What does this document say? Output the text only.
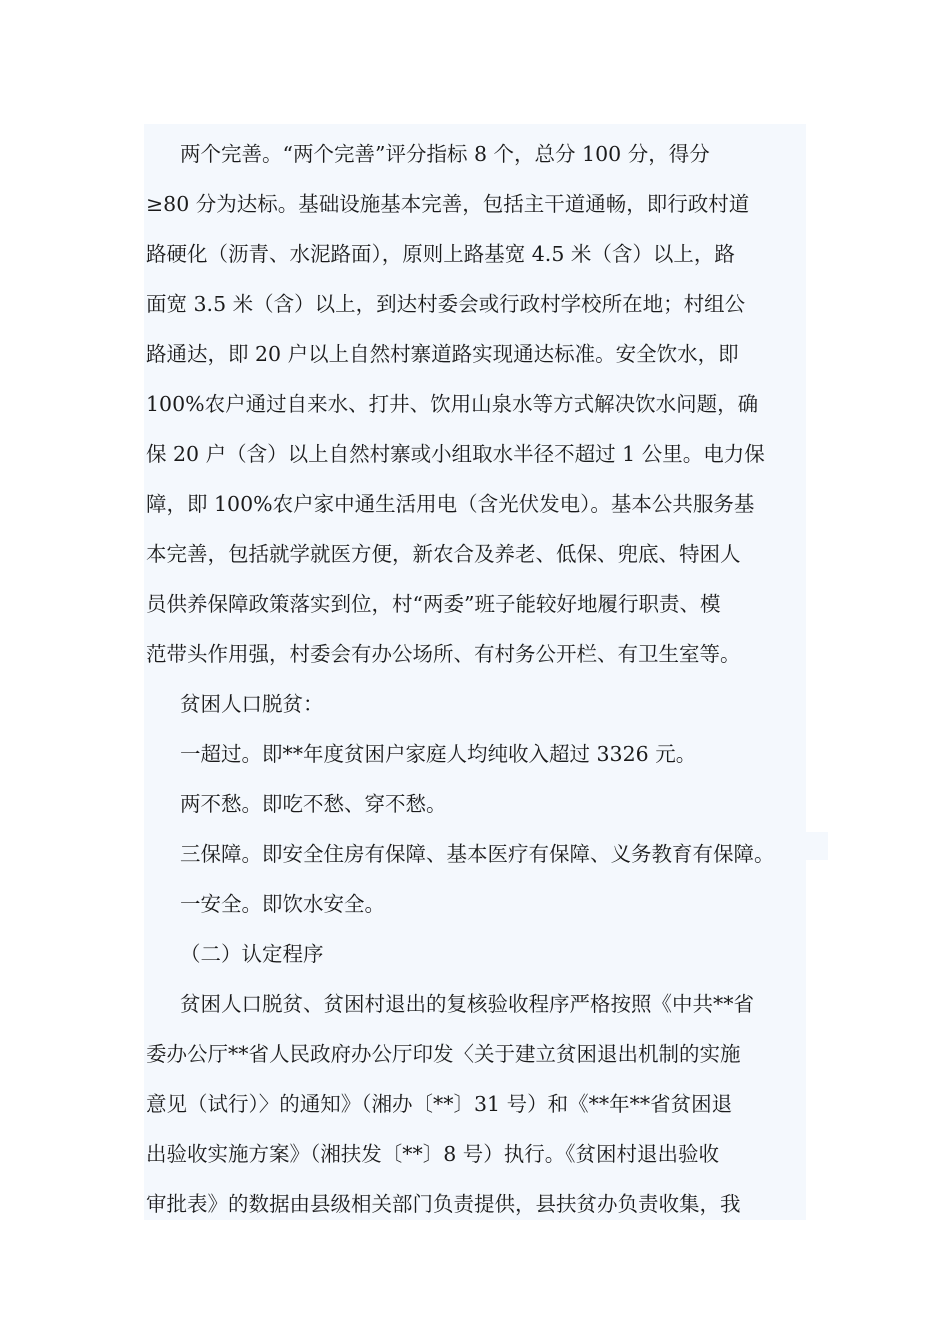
两个完善。“两个完善”评分指标 8 个，总分 100 分，得分
≥80 分为达标。基础设施基本完善，包括主干道通畅，即行政村道
路硬化（沥青、水泥路面），原则上路基宽 4.5 米（含）以上，路
面宽 3.5 米（含）以上，到达村委会或行政村学校所在地；村组公
路通达，即 20 户以上自然村寨道路实现通达标准。安全饮水，即
100%农户通过自来水、打井、饮用山泉水等方式解决饮水问题，确
保 20 户（含）以上自然村寨或小组取水半径不超过 1 公里。电力保
障，即 100%农户家中通生活用电（含光伏发电）。基本公共服务基
本完善，包括就学就医方便，新农合及养老、低保、兜底、特困人
员供养保障政策落实到位，村“两委”班子能较好地履行职责、模
范带头作用强，村委会有办公场所、有村务公开栏、有卫生室等。
贫困人口脱贫：
一超过。即**年度贫困户家庭人均纯收入超过 3326 元。
两不愁。即吃不愁、穿不愁。
三保障。即安全住房有保障、基本医疗有保障、义务教育有保障。
一安全。即饮水安全。
（二）认定程序
贫困人口脱贫、贫困村退出的复核验收程序严格按照《中共**省
委办公厅**省人民政府办公厅印发〈关于建立贫困退出机制的实施
意见（试行）〉的通知》（湘办〔**〕31 号）和《**年**省贫困退
出验收实施方案》（湘扶发〔**〕8 号）执行。《贫困村退出验收
审批表》的数据由县级相关部门负责提供，县扶贫办负责收集，我
